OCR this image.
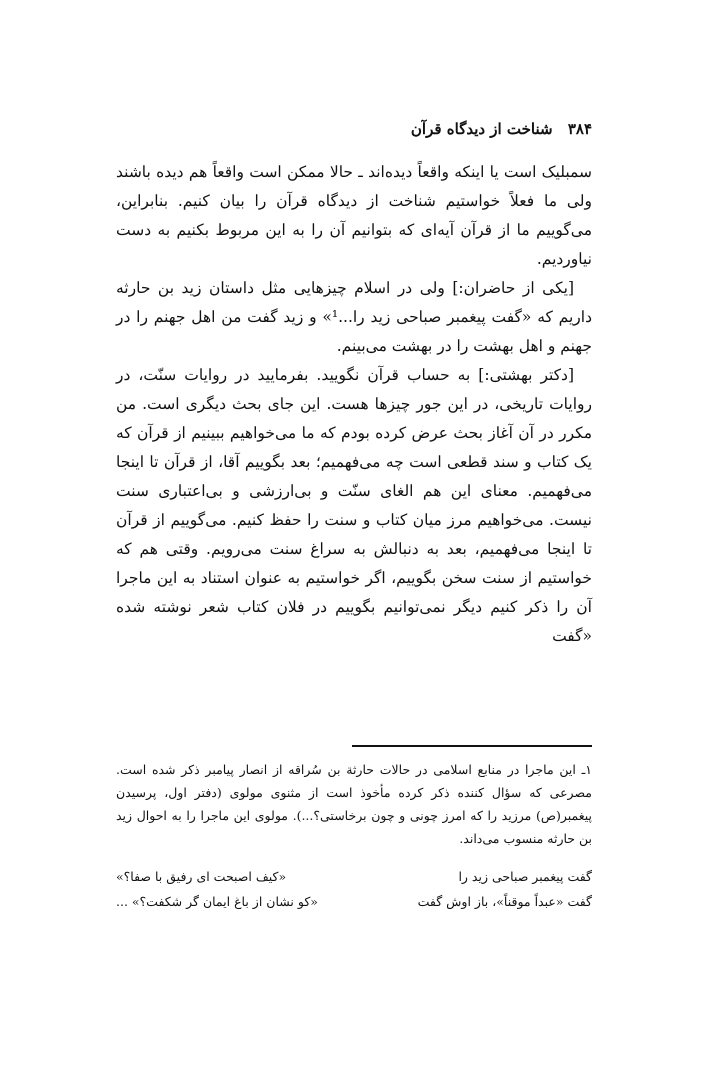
۳۸۴ شناخت از دیدگاه قرآن

سمبلیک است یا اینکه واقعاً دیده‌اند ـ حالا ممکن است واقعاً هم دیده باشند ولی ما فعلاً خواستیم شناخت از دیدگاه قرآن را بیان کنیم. بنابراین، می‌گوییم ما از قرآن آیه‌ای که بتوانیم آن را به این مربوط بکنیم به دست نیاوردیم.

[یکی از حاضران:] ولی در اسلام چیزهایی مثل داستان زید بن حارثه داریم که «گفت پیغمبر صباحی زید را...¹» و زید گفت من اهل جهنم را در جهنم و اهل بهشت را در بهشت می‌بینم.

[دکتر بهشتی:] به حساب قرآن نگویید. بفرمایید در روایات سنّت، در روایات تاریخی، در این جور چیزها هست. این جای بحث دیگری است. من مکرر در آن آغاز بحث عرض کرده بودم که ما می‌خواهیم ببینیم از قرآن که یک کتاب و سند قطعی است چه می‌فهمیم؛ بعد بگوییم آقا، از قرآن تا اینجا می‌فهمیم. معنای این هم الغای سنّت و بی‌ارزشی و بی‌اعتباری سنت نیست. می‌خواهیم مرز میان کتاب و سنت را حفظ کنیم. می‌گوییم از قرآن تا اینجا می‌فهمیم، بعد به دنبالش به سراغ سنت می‌رویم. وقتی هم که خواستیم از سنت سخن بگوییم، اگر خواستیم به عنوان استناد به این ماجرا آن را ذکر کنیم دیگر نمی‌توانیم بگوییم در فلان کتاب شعر نوشته شده «گفت

۱ـ این ماجرا در منابع اسلامی در حالات حارثة بن سُراقه از انصار پیامبر ذکر شده است. مصرعی که سؤال کننده ذکر کرده مأخوذ است از مثنوی مولوی (دفتر اول، پرسیدن پیغمبر(ص) مرزید را که امرز چونی و چون برخاستی؟...). مولوی این ماجرا را به احوال زید بن حارثه منسوب می‌داند.

گفت پیغمبر صباحی زید را
«کیف اصبحت ای رفیق با صفا؟»
گفت «عبداً موقناً»، باز اوش گفت
«کو نشان از باغ ایمان گر شکفت؟» ...
